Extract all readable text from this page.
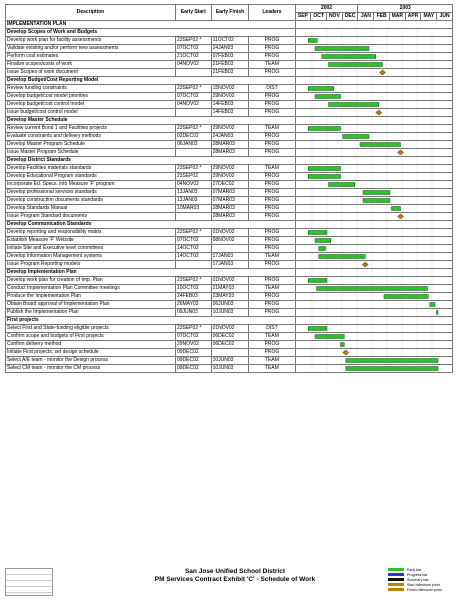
Description	Early Start	Early Finish	Leaders	2002				2003					
				SEP	OCT	NOV	DEC	JAN	FEB	MAR	APR	MAY	JUN
IMPLEMENTATION PLAN													
Develop Scopes of Work and Budgets	

Develop work plan for facility assessments	23SEP02 *	11OCT02	PROG	

Validate existing and/or perform new assessments	07OCT02	24JAN03	PROG	

Perform cost estimates	21OCT02	07FEB03	PROG	

Finalize scopes/costs of work	04NOV02	21FEB03	TEAM	

Issue Scopes of work document		21FEB03	PROG	

Develop Budget/Cost Reporting Model	

Review funding constraints	23SEP02 *	15NOV02	DIST	

Develop budget/cost model priorities	07OCT02	29NOV02	PROG	

Develop budget/cost control model	04NOV02	14FEB03	PROG	

Issue budget/cost control model		14FEB03	PROG	

Develop Master Schedule	

Review current Bond 1 and Facilities projects	23SEP02 *	29NOV02	TEAM	

Evaluate constraints and delivery methods	02DEC02	24JAN03	PROG	

Develop Master Program Schedule	06JAN03	28MAR03	PROG	

Issue Master Program Schedule		28MAR03	PROG	

Develop District Standards	

Develop Facilities materials standards	23SEP02 *	29NOV02	TEAM	

Develop Educational Program standards	23SEP02	29NOV02	PROG	

Incorporate Ed. Specs. into Measure 'F' program	04NOV02	27DEC02	PROG	

Develop professional services standards	13JAN03	07MAR03	PROG	

Develop construction documents standards	13JAN03	07MAR03	PROG	

Develop Standards Manual	10MAR03	28MAR03	PROG	

Issue Program Standard documents		28MAR03	PROG	

Develop Communication Standards	

Develop reporting and responsibility matrix	23SEP02 *	01NOV02	PROG	

Establish Measure 'F' Website	07OCT02	08NOV02	PROG	

Initiate Site and Executive level committees	14OCT02		PROG	

Develop Information Management systems	14OCT02	17JAN03	TEAM	

Issue Program Reporting models		17JAN03	PROG	

Develop Implementation Plan	

Develop work plan for creation of Imp. Plan	23SEP02 *	01NOV02	PROG	

Conduct Implementation Plan Committee meetings	10OCT02	21MAY03	TEAM	

Produce the Implementation Plan	24FEB03	23MAY03	PROG	

Obtain Board approval of Implementation Plan	26MAY03	06JUN03	PROG	

Publish the Implementation Plan	09JUN03	10JUN03	PROG	

First projects	

Select First and State-funding eligible projects	23SEP02 *	01NOV02	DIST	

Confirm scope and budgets of First projects	07OCT02	06DEC02	TEAM	

Confirm delivery method	29NOV02	06DEC02	PROG	

Initiate First projects; set design schedule	09DEC02		PROG	

Select A/E team - monitor the Design process	09DEC02	10JUN03	TEAM	

Select CM team - monitor the CM process	09DEC02	10JUN03	TEAM	
San Jose Unified School District
PM Services Contract Exhibit 'C' - Schedule of Work
Early bar
Progress bar
Summary bar
Start milestone point
Finish milestone point
